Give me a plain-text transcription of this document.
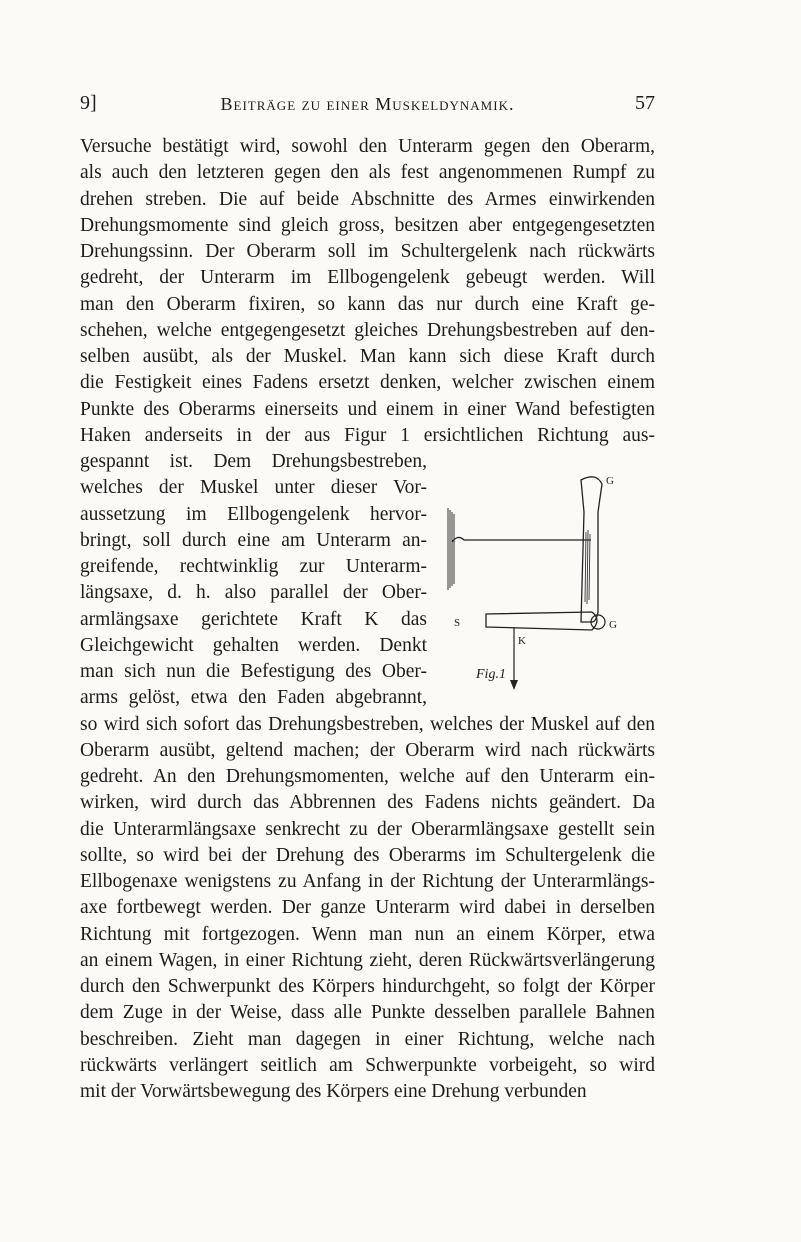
9]	Beiträge zu einer Muskeldynamik.	57
Versuche bestätigt wird, sowohl den Unterarm gegen den Oberarm,
als auch den letzteren gegen den als fest angenommenen Rumpf zu
drehen streben. Die auf beide Abschnitte des Armes einwirkenden
Drehungsmomente sind gleich gross, besitzen aber entgegengesetzten
Drehungssinn. Der Oberarm soll im Schultergelenk nach rückwärts
gedreht, der Unterarm im Ellbogengelenk gebeugt werden. Will
man den Oberarm fixiren, so kann das nur durch eine Kraft ge-
schehen, welche entgegengesetzt gleiches Drehungsbestreben auf den-
selben ausübt, als der Muskel. Man kann sich diese Kraft durch
die Festigkeit eines Fadens ersetzt denken, welcher zwischen einem
Punkte des Oberarms einerseits und einem in einer Wand befestigten
Haken anderseits in der aus Figur 1 ersichtlichen Richtung aus-
gespannt ist. Dem Drehungsbestreben,
welches der Muskel unter dieser Vor-
aussetzung im Ellbogengelenk hervor-
bringt, soll durch eine am Unterarm an-
greifende, rechtwinklig zur Unterarm-
längsaxe, d. h. also parallel der Ober-
armlängsaxe gerichtete Kraft K das
Gleichgewicht gehalten werden. Denkt
man sich nun die Befestigung des Ober-
arms gelöst, etwa den Faden abgebrannt,
so wird sich sofort das Drehungsbestreben, welches der Muskel auf den
Oberarm ausübt, geltend machen; der Oberarm wird nach rückwärts
gedreht. An den Drehungsmomenten, welche auf den Unterarm ein-
wirken, wird durch das Abbrennen des Fadens nichts geändert. Da
die Unterarmlängsaxe senkrecht zu der Oberarmlängsaxe gestellt sein
sollte, so wird bei der Drehung des Oberarms im Schultergelenk die
Ellbogenaxe wenigstens zu Anfang in der Richtung der Unterarmlängs-
axe fortbewegt werden. Der ganze Unterarm wird dabei in derselben
Richtung mit fortgezogen. Wenn man nun an einem Körper, etwa
an einem Wagen, in einer Richtung zieht, deren Rückwärtsverlängerung
durch den Schwerpunkt des Körpers hindurchgeht, so folgt der Körper
dem Zuge in der Weise, dass alle Punkte desselben parallele Bahnen
beschreiben. Zieht man dagegen in einer Richtung, welche nach
rückwärts verlängert seitlich am Schwerpunkte vorbeigeht, so wird
mit der Vorwärtsbewegung des Körpers eine Drehung verbunden
G
G
S
K
Fig.1
